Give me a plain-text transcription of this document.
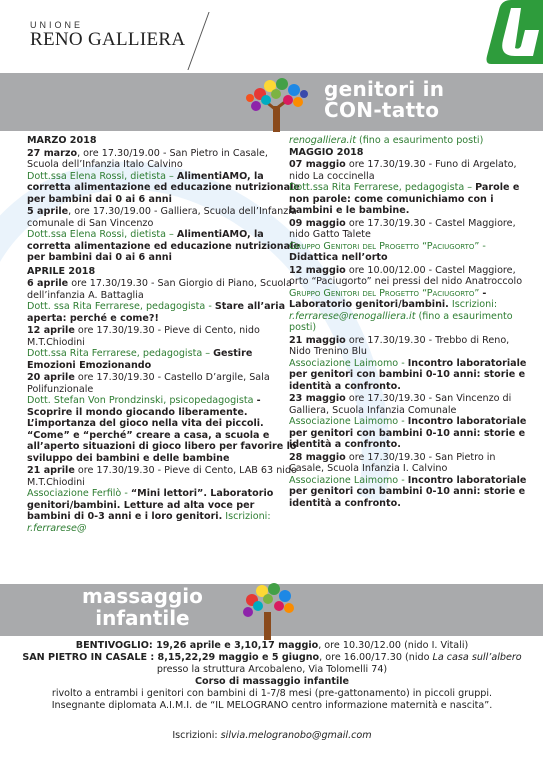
UNIONE
RENO GALLIERA
genitori in
CON-tatto

MARZO 2018

27 marzo, ore 17.30/19.00 - San Pietro in Casale, Scuola dell’Infanzia Italo Calvino

Dott.ssa Elena Rossi, dietista – AlimentiAMO, la corretta alimentazione ed educazione nutrizionale per bambini dai 0 ai 6 anni

5 aprile, ore 17.30/19.00 - Galliera, Scuola dell’Infanzia comunale di San Vincenzo

Dott.ssa Elena Rossi, dietista – AlimentiAMO, la corretta alimentazione ed educazione nutrizionale per bambini dai 0 ai 6 anni

APRILE 2018

6 aprile ore 17.30/19.30 - San Giorgio di Piano, Scuola dell’infanzia A. Battaglia

Dott. ssa Rita Ferrarese, pedagogista - Stare all’aria aperta: perché e come?!

12 aprile ore 17.30/19.30 - Pieve di Cento, nido M.T.Chiodini

Dott.ssa Rita Ferrarese, pedagogista – Gestire Emozioni Emozionando

20 aprile ore 17.30/19.30 - Castello D’argile, Sala Polifunzionale

Dott. Stefan Von Prondzinski, psicopedagogista - Scoprire il mondo giocando liberamente. L’importanza del gioco nella vita dei piccoli. “Come” e “perché” creare a casa, a scuola e all’aperto situazioni di gioco libero per favorire lo sviluppo dei bambini e delle bambine

21 aprile ore 17.30/19.30 - Pieve di Cento, LAB 63 nido M.T.Chiodini

Associazione Ferfilò - “Mini lettori”. Laboratorio genitori/bambini. Letture ad alta voce per bambini di 0-3 anni e i loro genitori. Iscrizioni: r.ferrarese@

renogalliera.it (fino a esaurimento posti)

MAGGIO 2018

07 maggio ore 17.30/19.30 - Funo di Argelato, nido La coccinella

Dott.ssa Rita Ferrarese, pedagogista – Parole e non parole: come comunichiamo con i bambini e le bambine.

09 maggio ore 17.30/19.30 - Castel Maggiore, nido Gatto Talete

Gruppo Genitori del Progetto “Paciugorto” - Didattica nell’orto

12 maggio ore 10.00/12.00 - Castel Maggiore, orto “Paciugorto” nei pressi del nido Anatroccolo

Gruppo Genitori del Progetto “Paciugorto” - Laboratorio genitori/bambini. Iscrizioni: r.ferrarese@renogalliera.it (fino a esaurimento posti)

21 maggio ore 17.30/19.30 - Trebbo di Reno, Nido Trenino Blu

Associazione Laimomo - Incontro laboratoriale per genitori con bambini 0-10 anni: storie e identità a confronto.

23 maggio ore 17.30/19.30 - San Vincenzo di Galliera, Scuola Infanzia Comunale

Associazione Laimomo - Incontro laboratoriale per genitori con bambini 0-10 anni: storie e identità a confronto.

28 maggio ore 17.30/19.30 - San Pietro in Casale, Scuola Infanzia I. Calvino

Associazione Laimomo - Incontro laboratoriale per genitori con bambini 0-10 anni: storie e identità a confronto.

massaggio
infantile

BENTIVOGLIO: 19,26 aprile e 3,10,17 maggio, ore 10.30/12.00 (nido I. Vitali)

SAN PIETRO IN CASALE : 8,15,22,29 maggio e 5 giugno, ore 16.00/17.30 (nido La casa sull’albero

presso la struttura Arcobaleno, Via Tolomelli 74)

Corso di massaggio infantile

rivolto a entrambi i genitori con bambini di 1-7/8 mesi (pre-gattonamento) in piccoli gruppi.

Insegnante diplomata A.I.M.I. de “IL MELOGRANO centro informazione maternità e nascita”.

Iscrizioni: silvia.melogranobo@gmail.com
